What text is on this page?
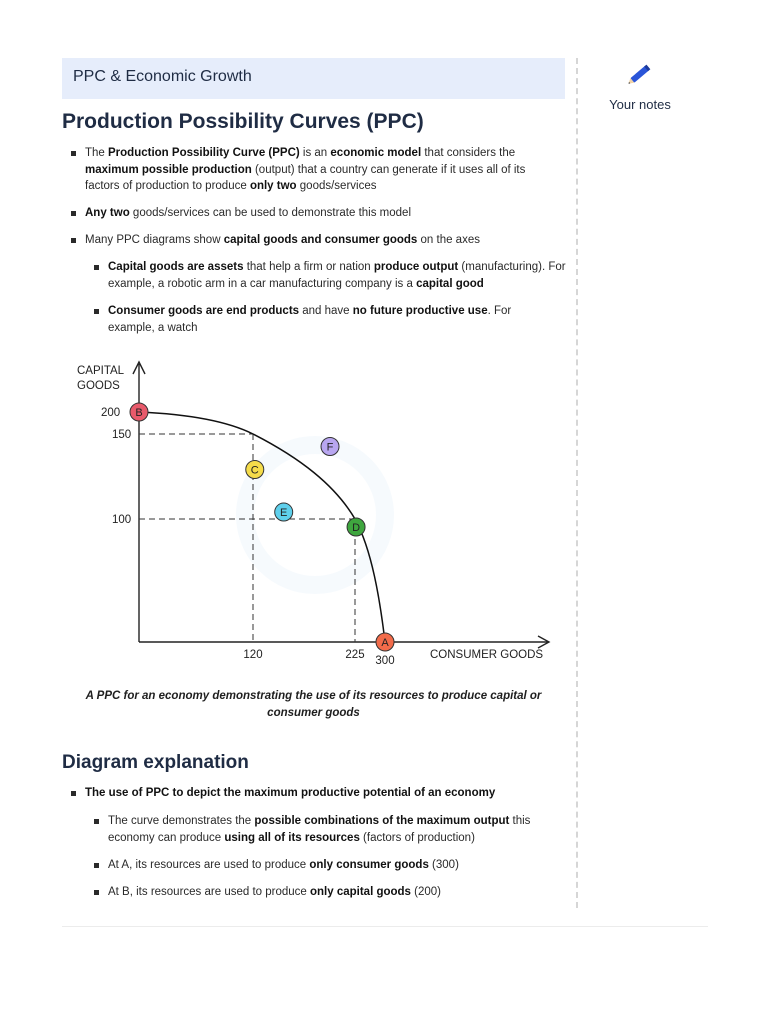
PPC & Economic Growth
Your notes
Production Possibility Curves (PPC)

The Production Possibility Curve (PPC) is an economic model that considers the maximum possible production (output) that a country can generate if it uses all of its factors of production to produce only two goods/services

Any two goods/services can be used to demonstrate this model

Many PPC diagrams show capital goods and consumer goods on the axes

Capital goods are assets that help a firm or nation produce output (manufacturing). For example, a robotic arm in a car manufacturing company is a capital good

Consumer goods are end products and have no future productive use. For example, a watch

CAPITAL
GOODS
CONSUMER GOODS
200
150
100
120	225 300
B
C
D
A
E
F
A PPC for an economy demonstrating the use of its resources to produce capital or consumer goods
Diagram explanation

The use of PPC to depict the maximum productive potential of an economy

The curve demonstrates the possible combinations of the maximum output this economy can produce using all of its resources (factors of production)

At A, its resources are used to produce only consumer goods (300)

At B, its resources are used to produce only capital goods (200)
